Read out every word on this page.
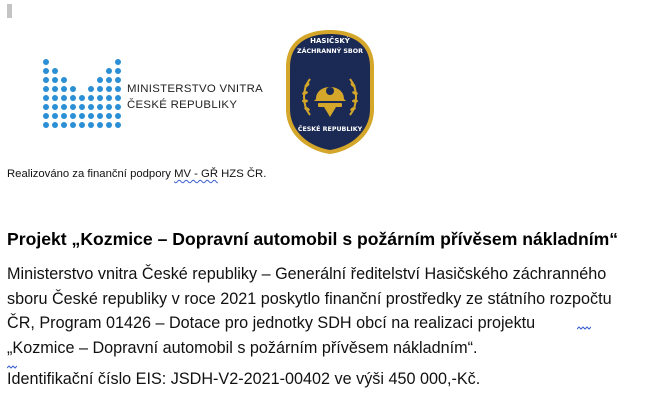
MINISTERSTVO VNITRA
ČESKÉ REPUBLIKY
HASIČSKÝ
ZÁCHRANNÝ SBOR
ČESKÉ REPUBLIKY
Realizováno za finanční podpory MV - GŘ HZS ČR.
Projekt „Kozmice – Dopravní automobil s požárním přívěsem nákladním“
Ministerstvo vnitra České republiky – Generální ředitelství Hasičského záchranného
sboru České republiky v roce 2021 poskytlo finanční prostředky ze státního rozpočtu
ČR, Program 01426 – Dotace pro jednotky SDH obcí na realizaci projektu
„Kozmice – Dopravní automobil s požárním přívěsem nákladním“.
Identifikační číslo EIS: JSDH-V2-2021-00402 ve výši 450 000,-Kč.
